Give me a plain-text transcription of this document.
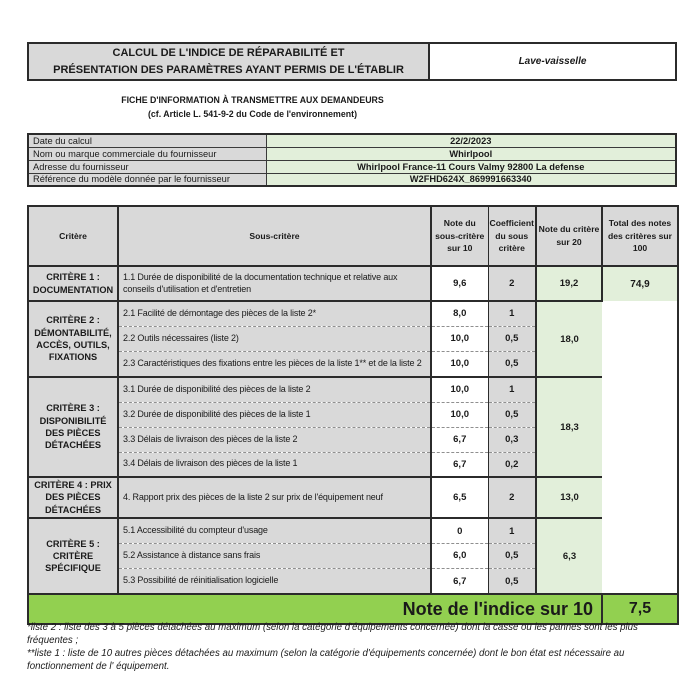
CALCUL DE L'INDICE DE RÉPARABILITÉ ET
PRÉSENTATION DES PARAMÈTRES AYANT PERMIS DE L'ÉTABLIR
Lave-vaisselle
FICHE D'INFORMATION À TRANSMETTRE AUX DEMANDEURS
(cf. Article L. 541-9-2 du Code de l'environnement)
Date du calcul	22/2/2023
Nom ou marque commerciale du fournisseur	Whirlpool
Adresse du fournisseur	Whirlpool France-11 Cours Valmy 92800 La defense
Référence du modèle donnée par le fournisseur	W2FHD624X_869991663340
Critère	Sous-critère	Note du sous-critère sur 10	Coefficient du sous critère	Note du critère sur 20	Total des notes des critères sur 100
CRITÈRE 1 : DOCUMENTATION	1.1 Durée de disponibilité de la documentation technique et relative aux conseils d'utilisation et d'entretien	9,6	2	19,2	74,9
CRITÈRE 2 : DÉMONTABILITÉ, ACCÈS, OUTILS, FIXATIONS	2.1 Facilité de démontage des pièces de la liste 2*	8,0	1	18,0	
	2.2 Outils nécessaires (liste 2)	10,0	0,5		
	2.3 Caractéristiques des fixations entre les pièces de la liste 1** et de la liste 2	10,0	0,5		
CRITÈRE 3 : DISPONIBILITÉ DES PIÈCES DÉTACHÉES	3.1 Durée de disponibilité des pièces de la liste 2	10,0	1	18,3	
	3.2 Durée de disponibilité des pièces de la liste 1	10,0	0,5		
	3.3 Délais de livraison des pièces de la liste 2	6,7	0,3		
	3.4 Délais de livraison des pièces de la liste 1	6,7	0,2		
CRITÈRE 4 : PRIX DES PIÈCES DÉTACHÉES	4. Rapport prix des pièces de la liste 2 sur prix de l'équipement neuf	6,5	2	13,0	
CRITÈRE 5 : CRITÈRE SPÉCIFIQUE	5.1 Accessibilité du compteur d'usage	0	1	6,3	
	5.2 Assistance à distance sans frais	6,0	0,5		
	5.3 Possibilité de réinitialisation logicielle	6,7	0,5		
Note de l'indice sur 10					7,5

*liste 2 : liste des 3 à 5 pièces détachées au maximum (selon la catégorie d'équipements concernée) dont la casse ou les pannes sont les plus fréquentes ;

**liste 1 : liste de 10 autres pièces détachées au maximum (selon la catégorie d'équipements concernée) dont le bon état est nécessaire au fonctionnement de l' équipement.
